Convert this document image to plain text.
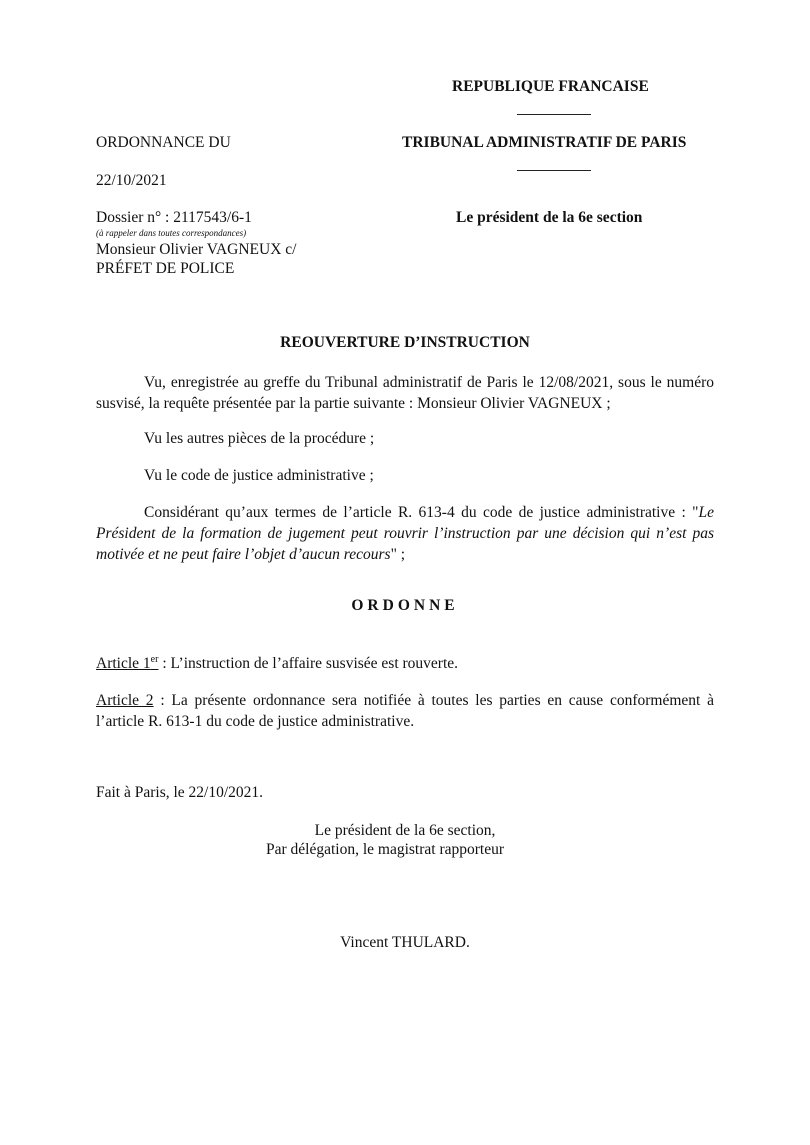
REPUBLIQUE FRANCAISE
TRIBUNAL ADMINISTRATIF DE PARIS
Le président de la 6e section
ORDONNANCE DU
22/10/2021
Dossier n° : 2117543/6-1
(à rappeler dans toutes correspondances)
Monsieur Olivier VAGNEUX c/
PRÉFET DE POLICE
REOUVERTURE D’INSTRUCTION
Vu, enregistrée au greffe du Tribunal administratif de Paris le 12/08/2021, sous le numéro susvisé, la requête présentée par la partie suivante : Monsieur Olivier VAGNEUX ;
Vu les autres pièces de la procédure ;
Vu le code de justice administrative ;
Considérant qu’aux termes de l’article R. 613-4 du code de justice administrative : "Le Président de la formation de jugement peut rouvrir l’instruction par une décision qui n’est pas motivée et ne peut faire l’objet d’aucun recours" ;
ORDONNE
Article 1er : L’instruction de l’affaire susvisée est rouverte.
Article 2 : La présente ordonnance sera notifiée à toutes les parties en cause conformément à l’article R. 613-1 du code de justice administrative.
Fait à Paris, le 22/10/2021.
Le président de la 6e section,
Par délégation, le magistrat rapporteur
Vincent THULARD.
